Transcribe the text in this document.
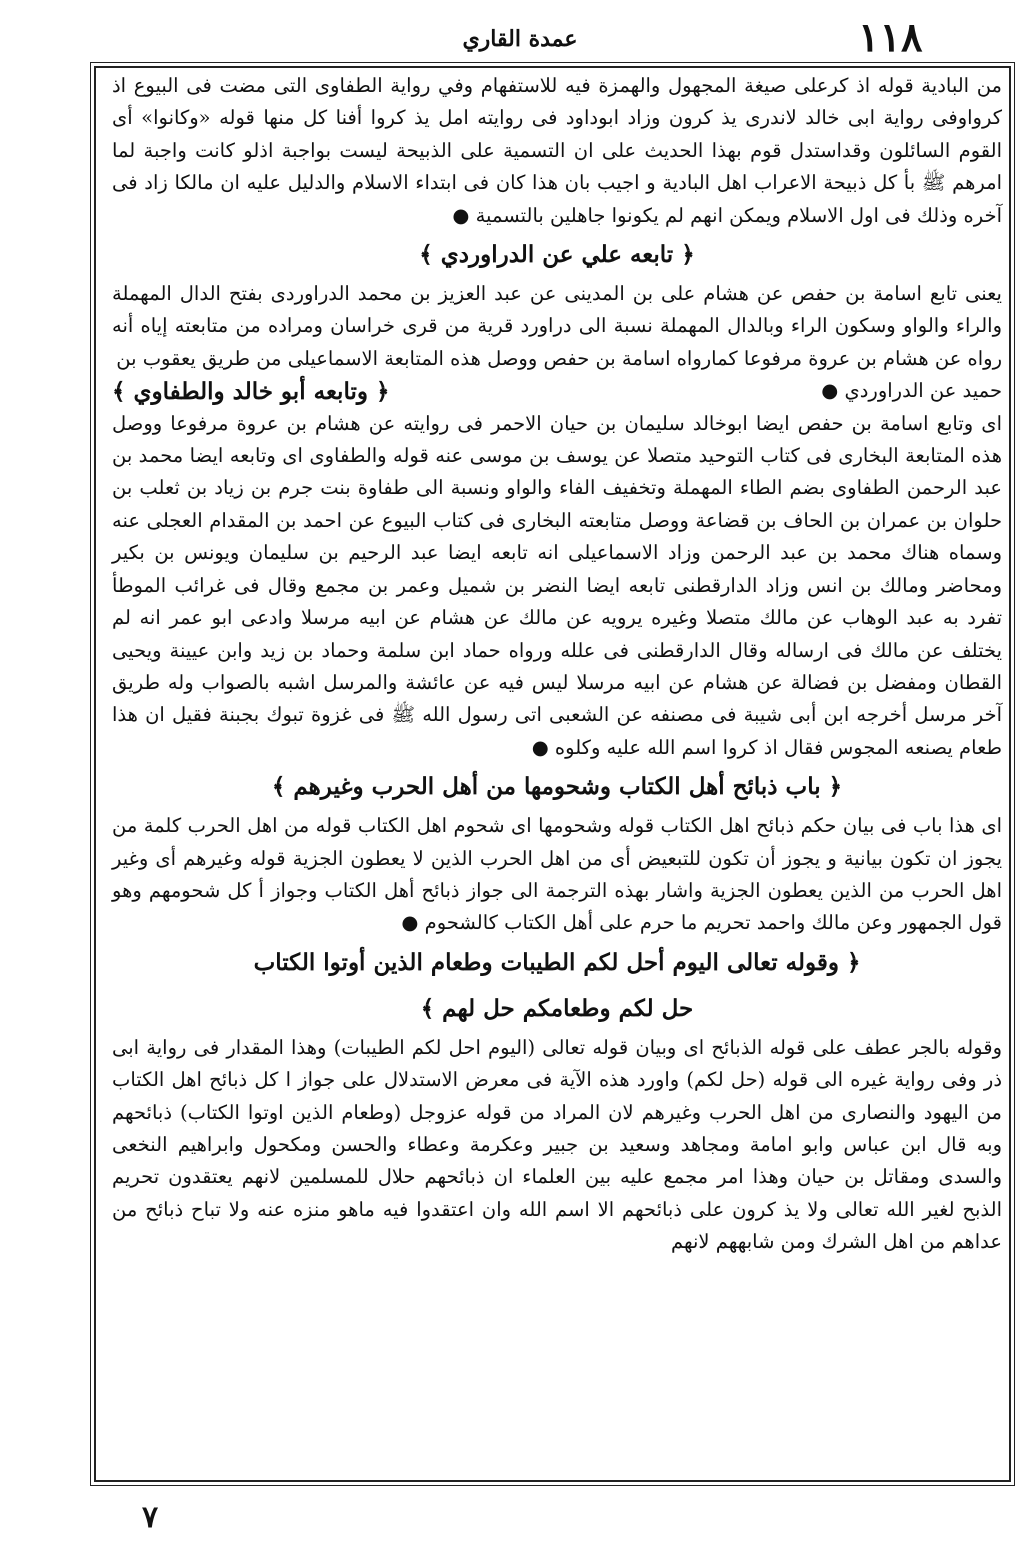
١١٨
عمدة القاري

من البادية قوله اذ كرعلى صيغة المجهول والهمزة فيه للاستفهام وفي رواية الطفاوى التى مضت فى البيوع اذ كرواوفى رواية ابى خالد لاندرى يذ كرون وزاد ابوداود فى روايته امل يذ كروا أفنا كل منها قوله «وكانوا» أى القوم السائلون وقداستدل قوم بهذا الحديث على ان التسمية على الذبيحة ليست بواجبة اذلو كانت واجبة لما امرهم ﷺ بأ كل ذبيحة الاعراب اهل البادية و اجيب بان هذا كان فى ابتداء الاسلام والدليل عليه ان مالكا زاد فى آخره وذلك فى اول الاسلام ويمكن انهم لم يكونوا جاهلين بالتسمية ●

﴿ تابعه علي عن الدراوردي ﴾

يعنى تابع اسامة بن حفص عن هشام على بن المدينى عن عبد العزيز بن محمد الدراوردى بفتح الدال المهملة والراء والواو وسكون الراء وبالدال المهملة نسبة الى دراورد قرية من قرى خراسان ومراده من متابعته إياه أنه رواه عن هشام بن عروة مرفوعا كمارواه اسامة بن حفص ووصل هذه المتابعة الاسماعيلى من طريق يعقوب بن

حميد عن الدراوردي ●
﴿ وتابعه أبو خالد والطفاوي ﴾

اى وتابع اسامة بن حفص ايضا ابوخالد سليمان بن حيان الاحمر فى روايته عن هشام بن عروة مرفوعا ووصل هذه المتابعة البخارى فى كتاب التوحيد متصلا عن يوسف بن موسى عنه قوله والطفاوى اى وتابعه ايضا محمد بن عبد الرحمن الطفاوى بضم الطاء المهملة وتخفيف الفاء والواو ونسبة الى طفاوة بنت جرم بن زياد بن ثعلب بن حلوان بن عمران بن الحاف بن قضاعة ووصل متابعته البخارى فى كتاب البيوع عن احمد بن المقدام العجلى عنه وسماه هناك محمد بن عبد الرحمن وزاد الاسماعيلى انه تابعه ايضا عبد الرحيم بن سليمان ويونس بن بكير ومحاضر ومالك بن انس وزاد الدارقطنى تابعه ايضا النضر بن شميل وعمر بن مجمع وقال فى غرائب الموطأ تفرد به عبد الوهاب عن مالك متصلا وغيره يرويه عن مالك عن هشام عن ابيه مرسلا وادعى ابو عمر انه لم يختلف عن مالك فى ارساله وقال الدارقطنى فى علله ورواه حماد ابن سلمة وحماد بن زيد وابن عيينة ويحيى القطان ومفضل بن فضالة عن هشام عن ابيه مرسلا ليس فيه عن عائشة والمرسل اشبه بالصواب وله طريق آخر مرسل أخرجه ابن أبى شيبة فى مصنفه عن الشعبى اتى رسول الله ﷺ فى غزوة تبوك بجبنة فقيل ان هذا طعام يصنعه المجوس فقال اذ كروا اسم الله عليه وكلوه ●

﴿ باب ذبائح أهل الكتاب وشحومها من أهل الحرب وغيرهم ﴾

اى هذا باب فى بيان حكم ذبائح اهل الكتاب قوله وشحومها اى شحوم اهل الكتاب قوله من اهل الحرب كلمة من يجوز ان تكون بيانية و يجوز أن تكون للتبعيض أى من اهل الحرب الذين لا يعطون الجزية قوله وغيرهم أى وغير اهل الحرب من الذين يعطون الجزية واشار بهذه الترجمة الى جواز ذبائح أهل الكتاب وجواز أ كل شحومهم وهو قول الجمهور وعن مالك واحمد تحريم ما حرم على أهل الكتاب كالشحوم ●

﴿ وقوله تعالى اليوم أحل لكم الطيبات وطعام الذين أوتوا الكتاب
حل لكم وطعامكم حل لهم ﴾

وقوله بالجر عطف على قوله الذبائح اى وبيان قوله تعالى (اليوم احل لكم الطيبات) وهذا المقدار فى رواية ابى ذر وفى رواية غيره الى قوله (حل لكم) واورد هذه الآية فى معرض الاستدلال على جواز ا كل ذبائح اهل الكتاب من اليهود والنصارى من اهل الحرب وغيرهم لان المراد من قوله عزوجل (وطعام الذين اوتوا الكتاب) ذبائحهم وبه قال ابن عباس وابو امامة ومجاهد وسعيد بن جبير وعكرمة وعطاء والحسن ومكحول وابراهيم النخعى والسدى ومقاتل بن حيان وهذا امر مجمع عليه بين العلماء ان ذبائحهم حلال للمسلمين لانهم يعتقدون تحريم الذبح لغير الله تعالى ولا يذ كرون على ذبائحهم الا اسم الله وان اعتقدوا فيه ماهو منزه عنه ولا تباح ذبائح من عداهم من اهل الشرك ومن شابههم لانهم

٧
